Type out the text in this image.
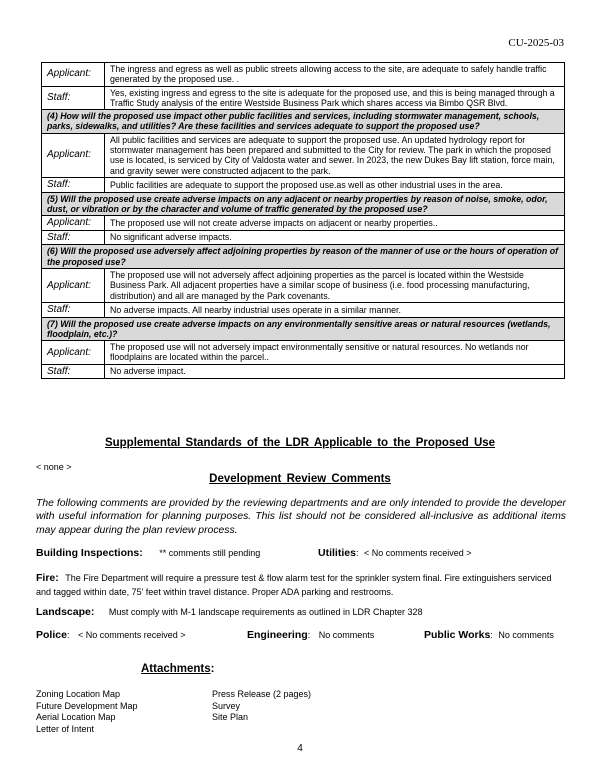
CU-2025-03
Applicant:	The ingress and egress as well as public streets allowing access to the site, are adequate to safely handle traffic generated by the proposed use. .
Staff:	Yes, existing ingress and egress to the site is adequate for the proposed use, and this is being managed through a Traffic Study analysis of the entire Westside Business Park which shares access via Bimbo QSR Blvd.
(4) How will the proposed use impact other public facilities and services, including stormwater management, schools, parks, sidewalks, and utilities? Are these facilities and services adequate to support the proposed use?	
Applicant:	All public facilities and services are adequate to support the proposed use. An updated hydrology report for stormwater management has been prepared and submitted to the City for review. The park in which the proposed use is located, is serviced by City of Valdosta water and sewer. In 2023, the new Dukes Bay lift station, force main, and gravity sewer were constructed adjacent to the park.
Staff:	Public facilities are adequate to support the proposed use.as well as other industrial uses in the area.
(5) Will the proposed use create adverse impacts on any adjacent or nearby properties by reason of noise, smoke, odor, dust, or vibration or by the character and volume of traffic generated by the proposed use?	
Applicant:	The proposed use will not create adverse impacts on adjacent or nearby properties..
Staff:	No significant adverse impacts.
(6) Will the proposed use adversely affect adjoining properties by reason of the manner of use or the hours of operation of the proposed use?	
Applicant:	The proposed use will not adversely affect adjoining properties as the parcel is located within the Westside Business Park. All adjacent properties have a similar scope of business (i.e. food processing manufacturing, distribution) and all are managed by the Park covenants.
Staff:	No adverse impacts. All nearby industrial uses operate in a similar manner.
(7) Will the proposed use create adverse impacts on any environmentally sensitive areas or natural resources (wetlands, floodplain, etc.)?	
Applicant:	The proposed use will not adversely impact environmentally sensitive or natural resources. No wetlands nor floodplains are located within the parcel..
Staff:	No adverse impact.
Supplemental Standards of the LDR Applicable to the Proposed Use
< none >
Development Review Comments
The following comments are provided by the reviewing departments and are only intended to provide the developer with useful information for planning purposes. This list should not be considered all-inclusive as additional items may appear during the plan review process.
Building Inspections: ** comments still pending	Utilities: < No comments received >
Fire: The Fire Department will require a pressure test & flow alarm test for the sprinkler system final. Fire extinguishers serviced and tagged within date, 75' feet within travel distance. Proper ADA parking and restrooms.
Landscape: Must comply with M-1 landscape requirements as outlined in LDR Chapter 328
Police: < No comments received >	Engineering: No comments	Public Works: No comments
Attachments:
Zoning Location Map
Future Development Map
Aerial Location Map
Letter of Intent
Press Release (2 pages)
Survey
Site Plan
4
